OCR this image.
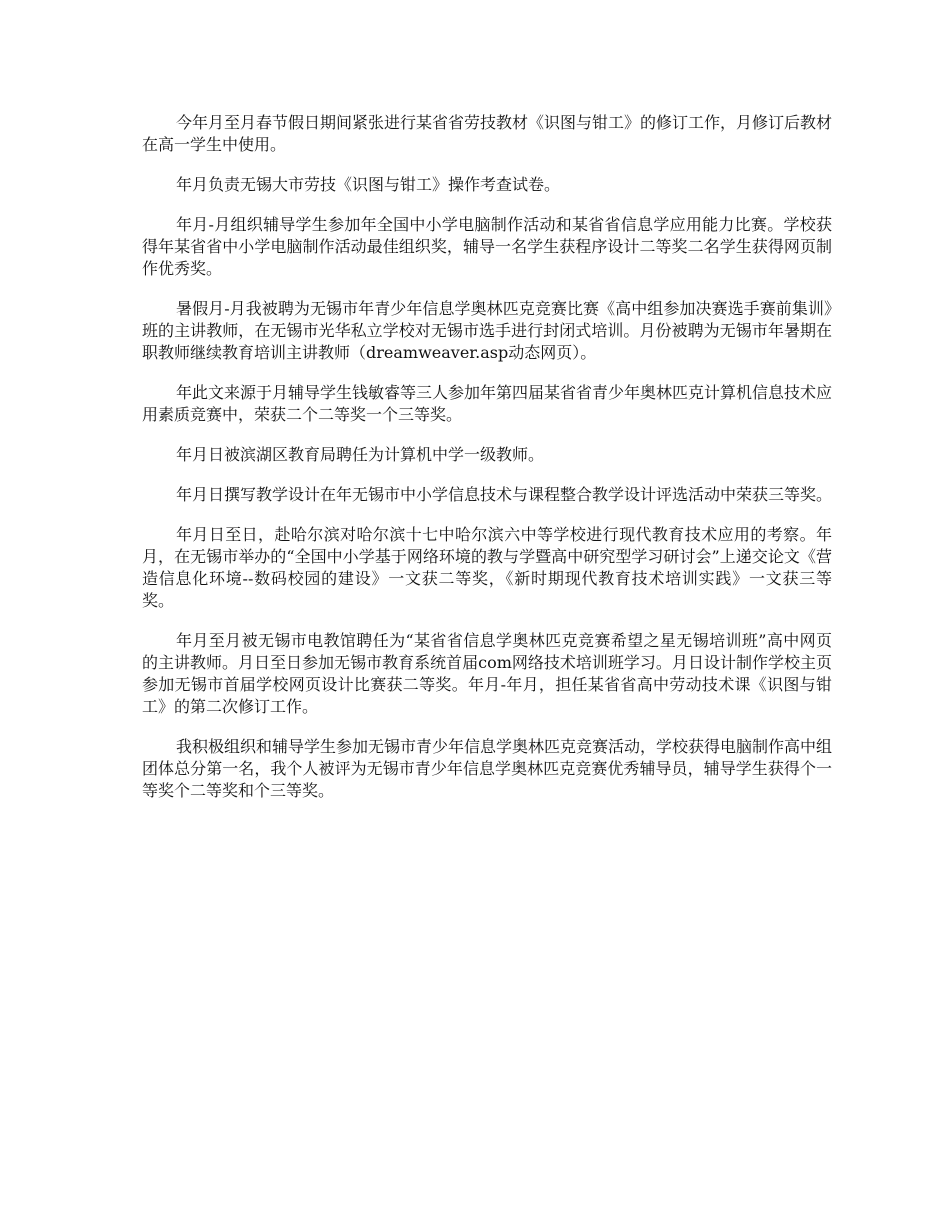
今年月至月春节假日期间紧张进行某省省劳技教材《识图与钳工》的修订工作，月修订后教材在高一学生中使用。

年月负责无锡大市劳技《识图与钳工》操作考查试卷。

年月-月组织辅导学生参加年全国中小学电脑制作活动和某省省信息学应用能力比赛。学校获得年某省省中小学电脑制作活动最佳组织奖，辅导一名学生获程序设计二等奖二名学生获得网页制作优秀奖。

暑假月-月我被聘为无锡市年青少年信息学奥林匹克竞赛比赛《高中组参加决赛选手赛前集训》班的主讲教师，在无锡市光华私立学校对无锡市选手进行封闭式培训。月份被聘为无锡市年暑期在职教师继续教育培训主讲教师（dreamweaver.asp动态网页）。

年此文来源于月辅导学生钱敏睿等三人参加年第四届某省省青少年奥林匹克计算机信息技术应用素质竞赛中，荣获二个二等奖一个三等奖。

年月日被滨湖区教育局聘任为计算机中学一级教师。

年月日撰写教学设计在年无锡市中小学信息技术与课程整合教学设计评选活动中荣获三等奖。

年月日至日，赴哈尔滨对哈尔滨十七中哈尔滨六中等学校进行现代教育技术应用的考察。年月，在无锡市举办的“全国中小学基于网络环境的教与学暨高中研究型学习研讨会”上递交论文《营造信息化环境--数码校园的建设》一文获二等奖，《新时期现代教育技术培训实践》一文获三等奖。

年月至月被无锡市电教馆聘任为“某省省信息学奥林匹克竞赛希望之星无锡培训班”高中网页的主讲教师。月日至日参加无锡市教育系统首届com网络技术培训班学习。月日设计制作学校主页参加无锡市首届学校网页设计比赛获二等奖。年月-年月，担任某省省高中劳动技术课《识图与钳工》的第二次修订工作。

我积极组织和辅导学生参加无锡市青少年信息学奥林匹克竞赛活动，学校获得电脑制作高中组团体总分第一名，我个人被评为无锡市青少年信息学奥林匹克竞赛优秀辅导员，辅导学生获得个一等奖个二等奖和个三等奖。
